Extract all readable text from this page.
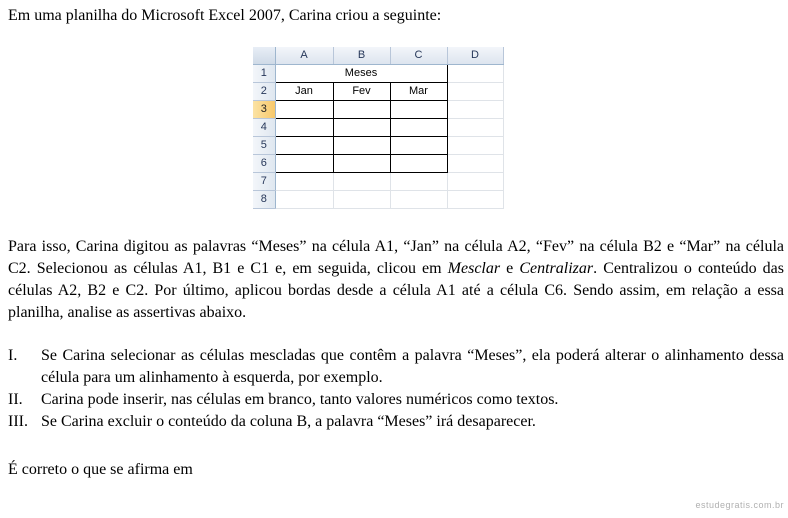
Em uma planilha do Microsoft Excel 2007, Carina criou a seguinte:
	A	B	C	D
1	Meses			
2	Jan	Fev	Mar	
3				
4				
5				
6				
7				
8				

Para isso, Carina digitou as palavras “Meses” na célula A1, “Jan” na célula A2, “Fev” na célula B2 e “Mar” na célula C2. Selecionou as células A1, B1 e C1 e, em seguida, clicou em Mesclar e Centralizar. Centralizou o conteúdo das células A2, B2 e C2. Por último, aplicou bordas desde a célula A1 até a célula C6. Sendo assim, em relação a essa planilha, analise as assertivas abaixo.

I. Se Carina selecionar as células mescladas que contêm a palavra “Meses”, ela poderá alterar o alinhamento dessa célula para um alinhamento à esquerda, por exemplo.
II. Carina pode inserir, nas células em branco, tanto valores numéricos como textos.
III. Se Carina excluir o conteúdo da coluna B, a palavra “Meses” irá desaparecer.
É correto o que se afirma em
estudegratis.com.br
